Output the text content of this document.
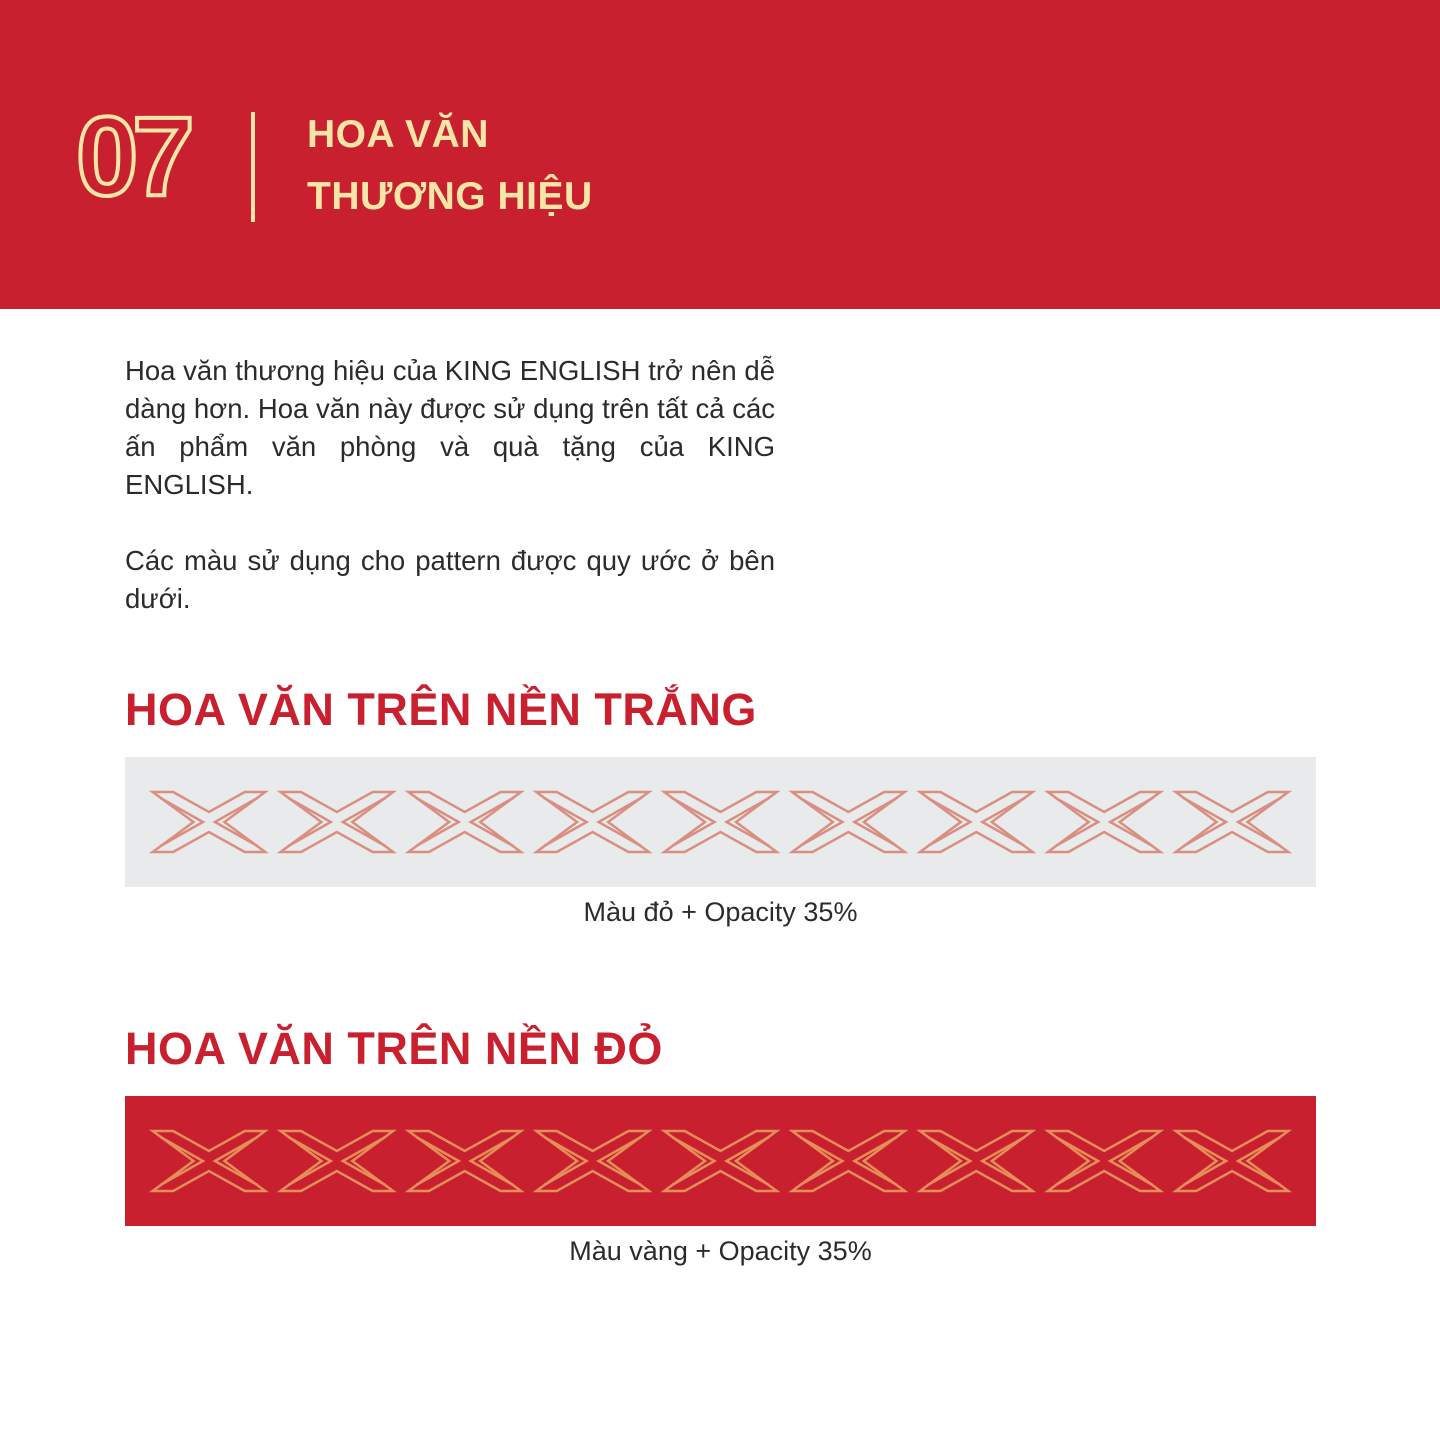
07	HOA VĂN
THƯƠNG HIỆU

Hoa văn thương hiệu của KING ENGLISH trở nên dễ dàng hơn. Hoa văn này được sử dụng trên tất cả các ấn phẩm văn phòng và quà tặng của KING ENGLISH.

Các màu sử dụng cho pattern được quy ước ở bên dưới.

HOA VĂN TRÊN NỀN TRẮNG

Màu đỏ + Opacity 35%

HOA VĂN TRÊN NỀN ĐỎ

Màu vàng + Opacity 35%
